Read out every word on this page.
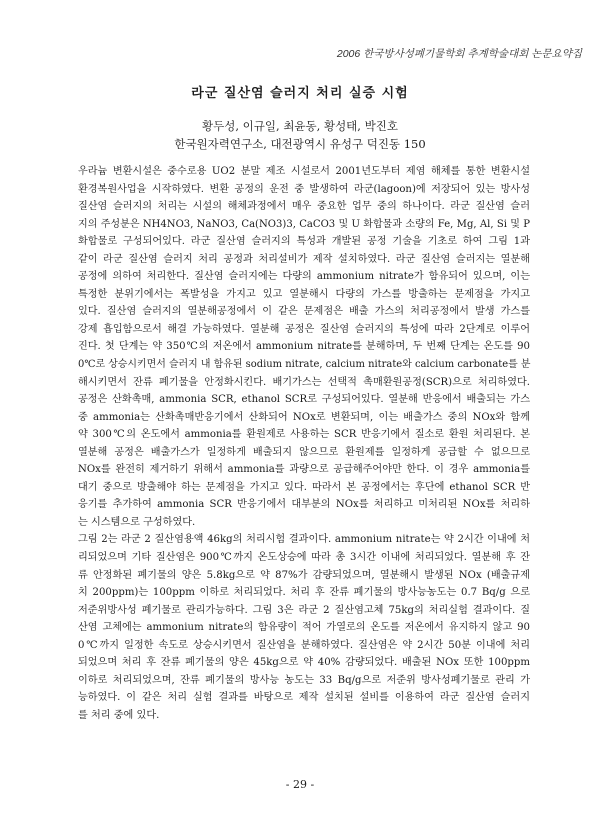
2006 한국방사성폐기물학회 추계학술대회 논문요약집
라군 질산염 슬러지 처리 실증 시험
황두성, 이규일, 최윤동, 황성태, 박진호
한국원자력연구소, 대전광역시 유성구 덕진동 150
우라늄 변환시설은 중수로용 UO2 분말 제조 시설로서 2001년도부터 제염 해체를 통한 변환시설
환경복원사업을 시작하였다. 변환 공정의 운전 중 발생하여 라군(lagoon)에 저장되어 있는 방사성
질산염 슬러지의 처리는 시설의 해체과정에서 매우 중요한 업무 중의 하나이다. 라군 질산염 슬러
지의 주성분은 NH4NO3, NaNO3, Ca(NO3)3, CaCO3 및 U 화합물과 소량의 Fe, Mg, Al, Si 및 P
화합물로 구성되어있다. 라군 질산염 슬러지의 특성과 개발된 공정 기술을 기초로 하여 그림 1과
같이 라군 질산염 슬러지 처리 공정과 처리설비가 제작 설치하였다. 라군 질산염 슬러지는 열분해
공정에 의하여 처리한다. 질산염 슬러지에는 다량의 ammonium nitrate가 함유되어 있으며, 이는
특정한 분위기에서는 폭발성을 가지고 있고 열분해시 다량의 가스를 방출하는 문제점을 가지고
있다. 질산염 슬러지의 열분해공정에서 이 같은 문제점은 배출 가스의 처리공정에서 발생 가스를
강제 흡입함으로서 해결 가능하였다. 열분해 공정은 질산염 슬러지의 특성에 따라 2단계로 이루어
진다. 첫 단계는 약 350℃의 저온에서 ammonium nitrate를 분해하며, 두 번째 단계는 온도를 90
0℃로 상승시키면서 슬러지 내 함유된 sodium nitrate, calcium nitrate와 calcium carbonate를 분
해시키면서 잔류 폐기물을 안정화시킨다. 배기가스는 선택적 촉매환원공정(SCR)으로 처리하였다.
공정은 산화촉매, ammonia SCR, ethanol SCR로 구성되어있다. 열분해 반응에서 배출되는 가스
중 ammonia는 산화촉매반응기에서 산화되어 NOx로 변환되며, 이는 배출가스 중의 NOx와 함께
약 300℃의 온도에서 ammonia를 환원제로 사용하는 SCR 반응기에서 질소로 환원 처리된다. 본
열분해 공정은 배출가스가 일정하게 배출되지 않으므로 환원제를 일정하게 공급할 수 없으므로
NOx를 완전히 제거하기 위해서 ammonia를 과량으로 공급해주어야만 한다. 이 경우 ammonia를
대기 중으로 방출해야 하는 문제점을 가지고 있다. 따라서 본 공정에서는 후단에 ethanol SCR 반
응기를 추가하여 ammonia SCR 반응기에서 대부분의 NOx를 처리하고 미처리된 NOx를 처리하
는 시스템으로 구성하였다.
그림 2는 라군 2 질산염용액 46kg의 처리시험 결과이다. ammonium nitrate는 약 2시간 이내에 처
리되었으며 기타 질산염은 900℃까지 온도상승에 따라 총 3시간 이내에 처리되었다. 열분해 후 잔
류 안정화된 폐기물의 양은 5.8kg으로 약 87%가 감량되었으며, 열분해시 발생된 NOx (배출규제
치 200ppm)는 100ppm 이하로 처리되었다. 처리 후 잔류 폐기물의 방사능농도는 0.7 Bq/g 으로
저준위방사성 폐기물로 관리가능하다. 그림 3은 라군 2 질산염고체 75kg의 처리실험 결과이다. 질
산염 고체에는 ammonium nitrate의 함유량이 적어 가열로의 온도를 저온에서 유지하지 않고 90
0℃까지 일정한 속도로 상승시키면서 질산염을 분해하였다. 질산염은 약 2시간 50분 이내에 처리
되었으며 처리 후 잔류 폐기물의 양은 45kg으로 약 40% 감량되었다. 배출된 NOx 또한 100ppm
이하로 처리되었으며, 잔류 폐기물의 방사능 농도는 33 Bq/g으로 저준위 방사성폐기물로 관리 가
능하였다. 이 같은 처리 실험 결과를 바탕으로 제작 설치된 설비를 이용하여 라군 질산염 슬러지
를 처리 중에 있다.
- 29 -
